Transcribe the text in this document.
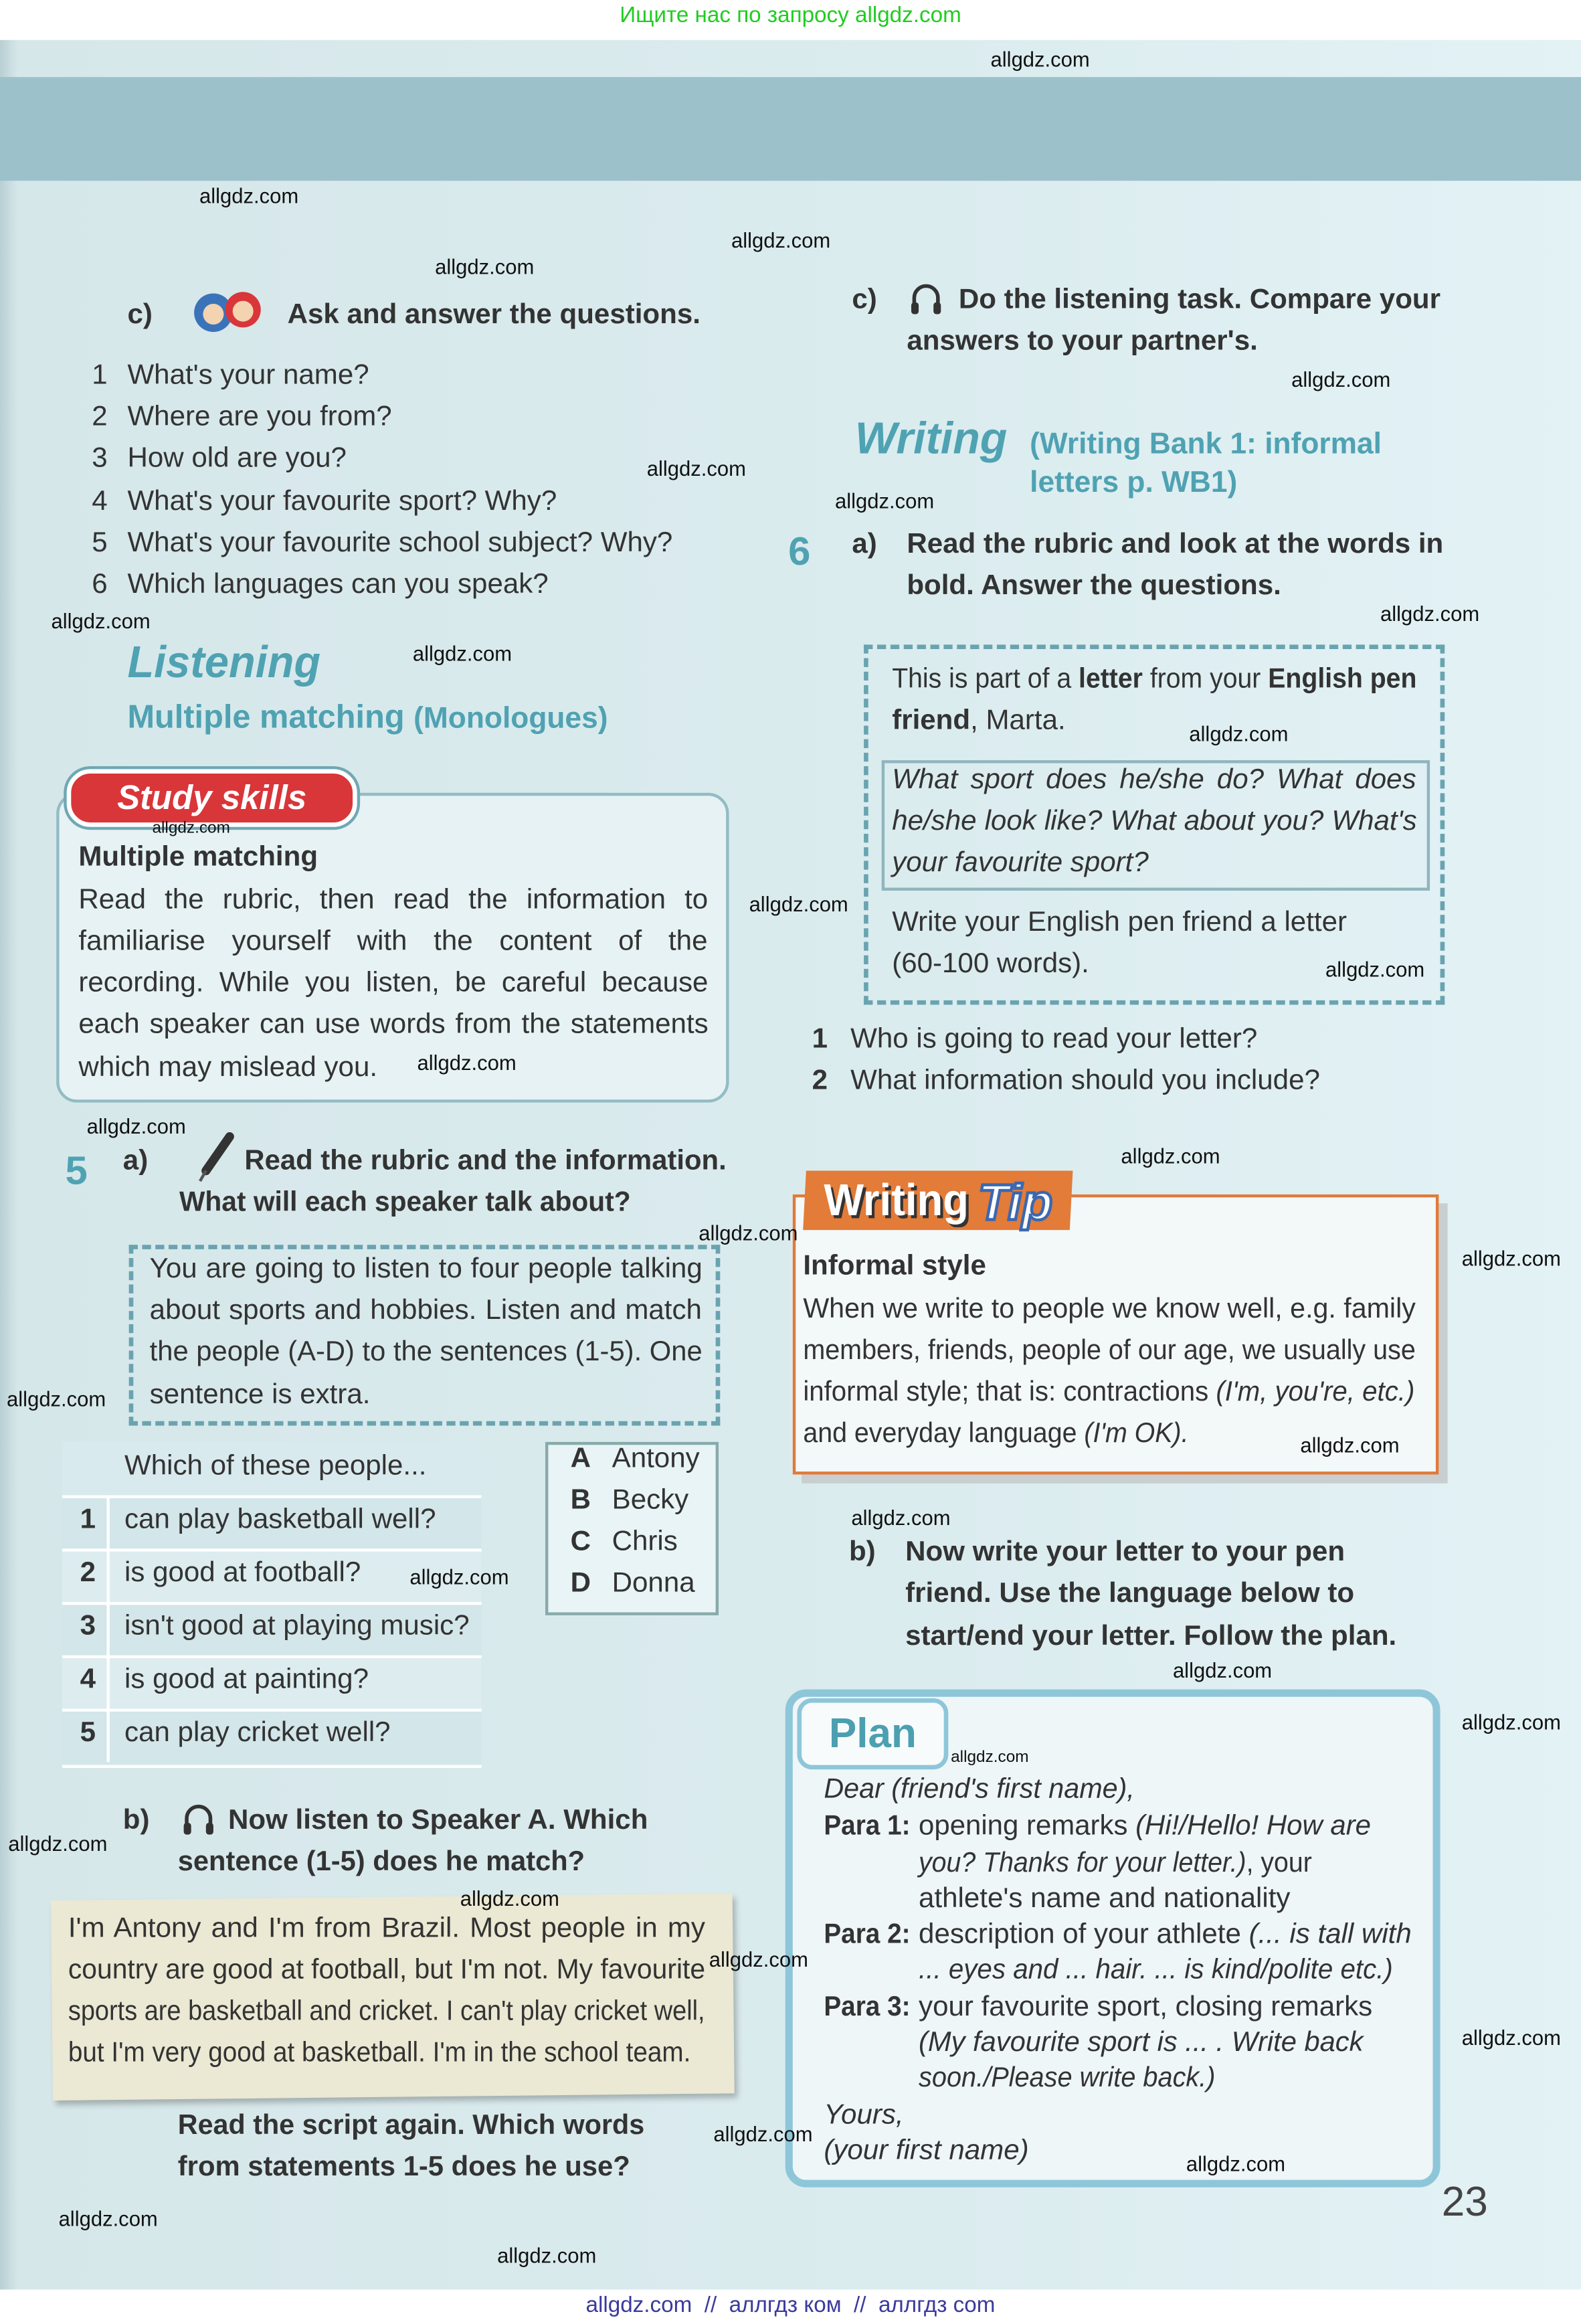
Ищите нас по запросу allgdz.com
c)	Ask and answer the questions.
1 What's your name?
2 Where are you from?
3 How old are you?
4 What's your favourite sport? Why?
5 What's your favourite school subject? Why?
6 Which languages can you speak?
Listening
Multiple matching (Monologues)
Study skills
Multiple matching
Read the rubric, then read the information to
familiarise yourself with the content of the
recording. While you listen, be careful because
each speaker can use words from the statements
which may mislead you.
5	a)	Read the rubric and the information.
What will each speaker talk about?
You are going to listen to four people talking
about sports and hobbies. Listen and match
the people (A-D) to the sentences (1-5). One
sentence is extra.
Which of these people...
1 can play basketball well?
2 is good at football?
3 isn't good at playing music?
4 is good at painting?
5 can play cricket well?
A Antony
B Becky
C Chris
D Donna
b)	Now listen to Speaker A. Which
sentence (1-5) does he match?
I'm Antony and I'm from Brazil. Most people in my
country are good at football, but I'm not. My favourite
sports are basketball and cricket. I can't play cricket well,
but I'm very good at basketball. I'm in the school team.
Read the script again. Which words
from statements 1-5 does he use?
c)	Do the listening task. Compare your
answers to your partner's.
Writing (Writing Bank 1: informal
letters p. WB1)
6	a) Read the rubric and look at the words in
bold. Answer the questions.
This is part of a letter from your English pen
friend, Marta.
What sport does he/she do? What does
he/she look like? What about you? What's
your favourite sport?
Write your English pen friend a letter
(60-100 words).
1 Who is going to read your letter?
2 What information should you include?
Writing Tip
Informal style
When we write to people we know well, e.g. family
members, friends, people of our age, we usually use
informal style; that is: contractions (I'm, you're, etc.)
and everyday language (I'm OK).
b) Now write your letter to your pen
friend. Use the language below to
start/end your letter. Follow the plan.
Plan
Dear (friend's first name),
Para 1: opening remarks (Hi!/Hello! How are
you? Thanks for your letter.), your
athlete's name and nationality
Para 2: description of your athlete (... is tall with
... eyes and ... hair. ... is kind/polite etc.)
Para 3: your favourite sport, closing remarks
(My favourite sport is ... . Write back
soon./Please write back.)
Yours,
(your first name)
23
allgdz.com  //  аллгдз ком  //  аллгдз com
allgdz.com
allgdz.com
allgdz.com
allgdz.com
allgdz.com
allgdz.com
allgdz.com
allgdz.com
allgdz.com
allgdz.com
allgdz.com
allgdz.com
allgdz.com
allgdz.com
allgdz.com
allgdz.com
allgdz.com
allgdz.com
allgdz.com
allgdz.com
allgdz.com
allgdz.com
allgdz.com
allgdz.com
allgdz.com
allgdz.com
allgdz.com
allgdz.com
allgdz.com
allgdz.com
allgdz.com
allgdz.com
allgdz.com
allgdz.com
